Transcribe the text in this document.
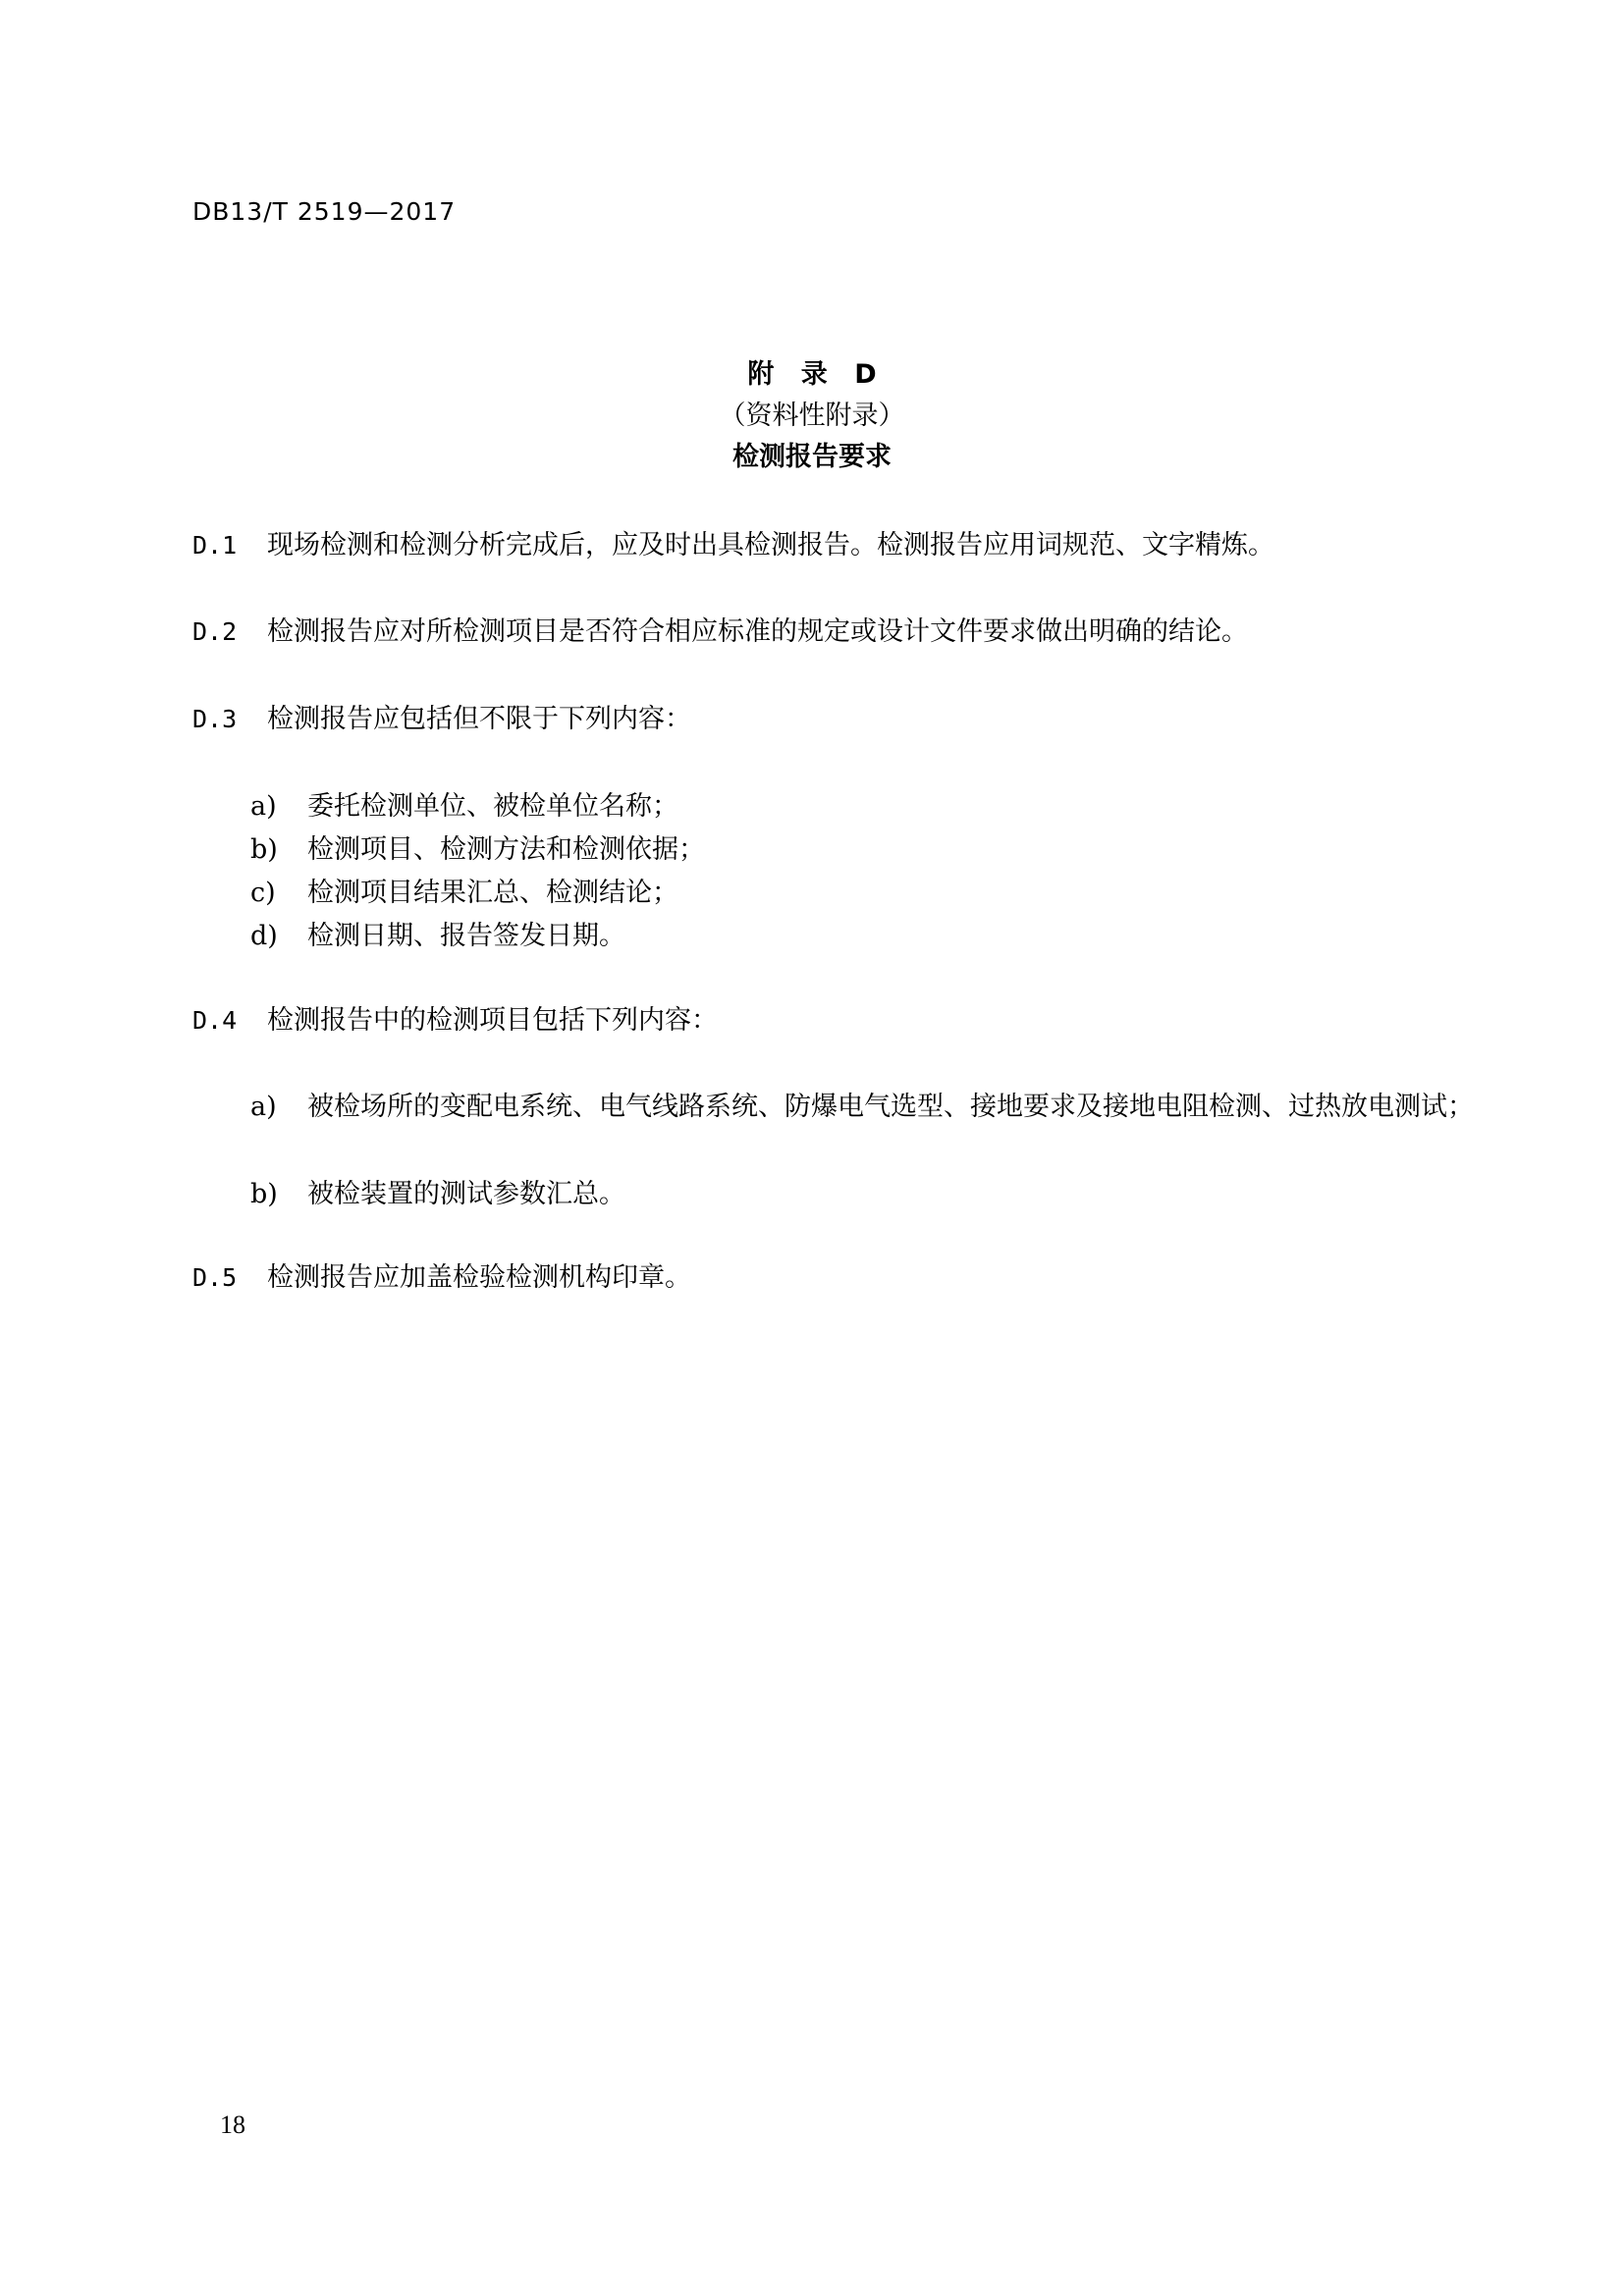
DB13/T 2519—2017
附 录 D
（资料性附录）
检测报告要求
D.1 现场检测和检测分析完成后，应及时出具检测报告。检测报告应用词规范、文字精炼。
D.2 检测报告应对所检测项目是否符合相应标准的规定或设计文件要求做出明确的结论。
D.3 检测报告应包括但不限于下列内容：
a)	委托检测单位、被检单位名称；
b)	检测项目、检测方法和检测依据；
c)	检测项目结果汇总、检测结论；
d)	检测日期、报告签发日期。
D.4 检测报告中的检测项目包括下列内容：
a)	被检场所的变配电系统、电气线路系统、防爆电气选型、接地要求及接地电阻检测、过热放电测试；
b)	被检装置的测试参数汇总。
D.5 检测报告应加盖检验检测机构印章。
18
